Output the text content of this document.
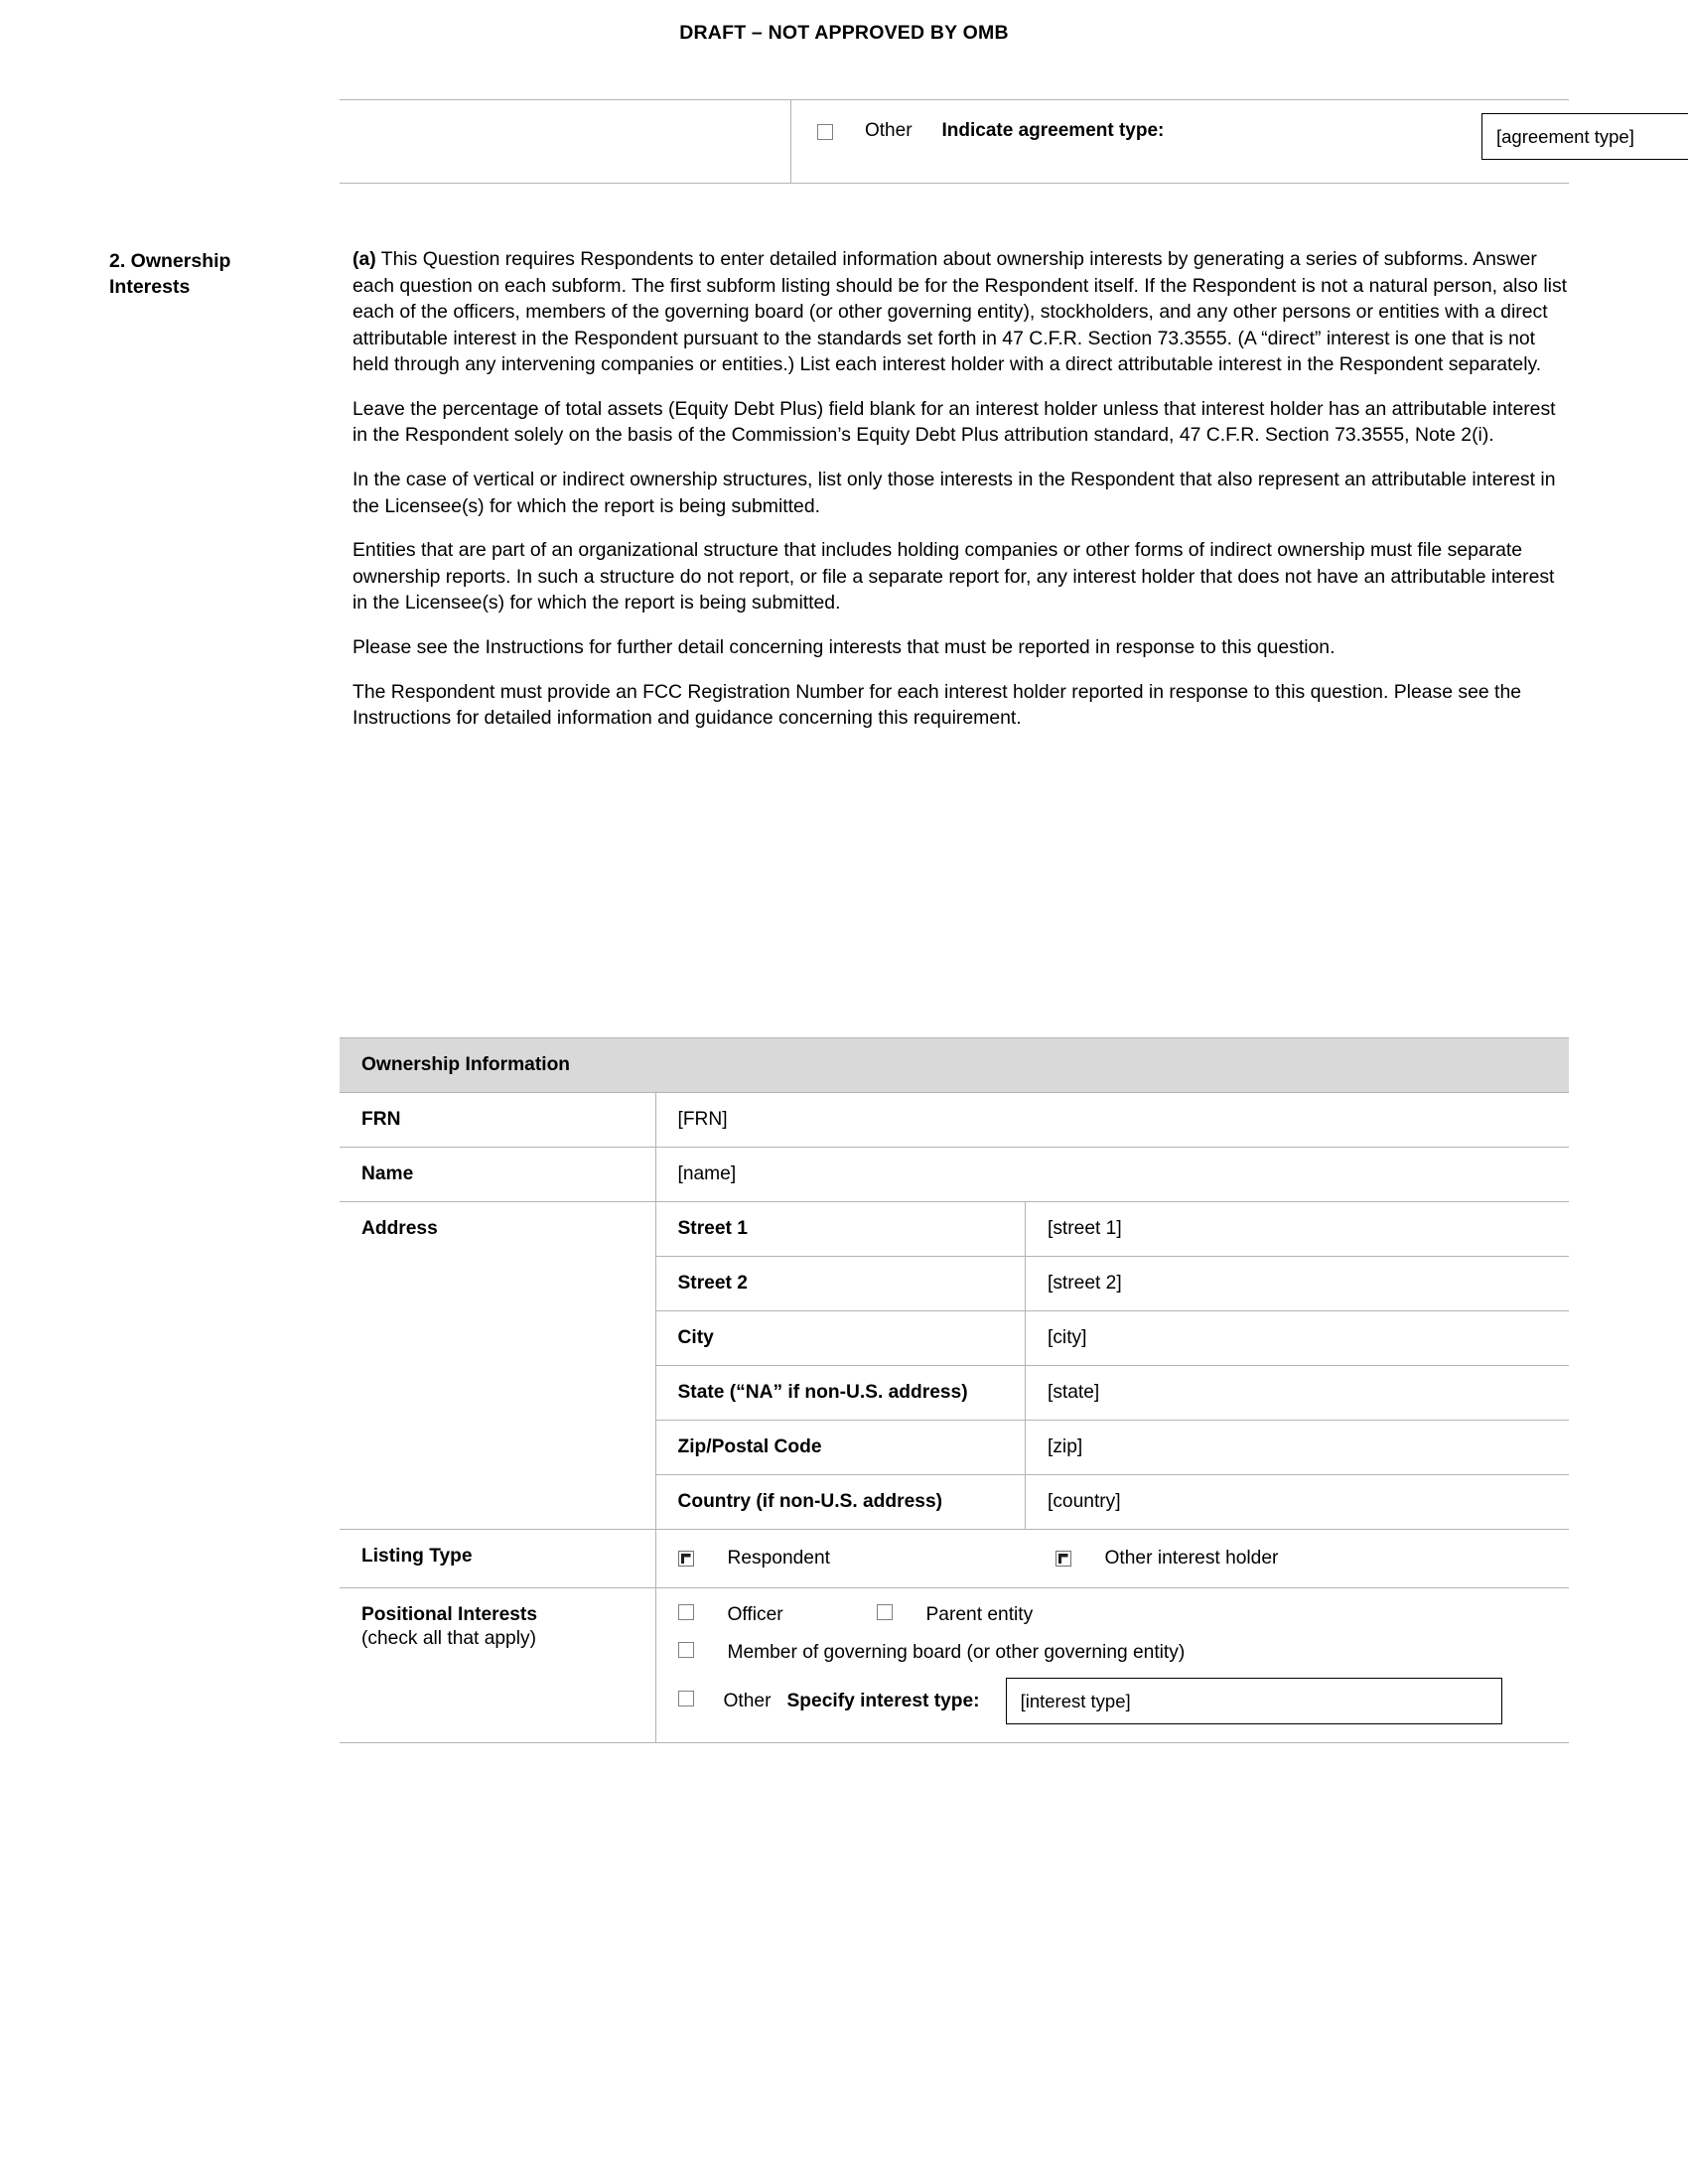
DRAFT – NOT APPROVED BY OMB
Other Indicate agreement type:	[agreement type]
2. Ownership Interests

(a) This Question requires Respondents to enter detailed information about ownership interests by generating a series of subforms. Answer each question on each subform. The first subform listing should be for the Respondent itself. If the Respondent is not a natural person, also list each of the officers, members of the governing board (or other governing entity), stockholders, and any other persons or entities with a direct attributable interest in the Respondent pursuant to the standards set forth in 47 C.F.R. Section 73.3555. (A “direct” interest is one that is not held through any intervening companies or entities.) List each interest holder with a direct attributable interest in the Respondent separately.

Leave the percentage of total assets (Equity Debt Plus) field blank for an interest holder unless that interest holder has an attributable interest in the Respondent solely on the basis of the Commission’s Equity Debt Plus attribution standard, 47 C.F.R. Section 73.3555, Note 2(i).

In the case of vertical or indirect ownership structures, list only those interests in the Respondent that also represent an attributable interest in the Licensee(s) for which the report is being submitted.

Entities that are part of an organizational structure that includes holding companies or other forms of indirect ownership must file separate ownership reports. In such a structure do not report, or file a separate report for, any interest holder that does not have an attributable interest in the Licensee(s) for which the report is being submitted.

Please see the Instructions for further detail concerning interests that must be reported in response to this question.

The Respondent must provide an FCC Registration Number for each interest holder reported in response to this question. Please see the Instructions for detailed information and guidance concerning this requirement.

Ownership Information
FRN	[FRN]
Name	[name]
Address		Street 1	[street 1]
Street 2	[street 2]
City	[city]
State (“NA” if non-U.S. address)	[state]
Zip/Postal Code	[zip]
Country (if non-U.S. address)	[country]

Listing Type	Respondent	Other interest holder

Positional Interests
(check all that apply)

Officer	Parent entity
Member of governing board (or other governing entity)
Other Specify interest type:	[interest type]
